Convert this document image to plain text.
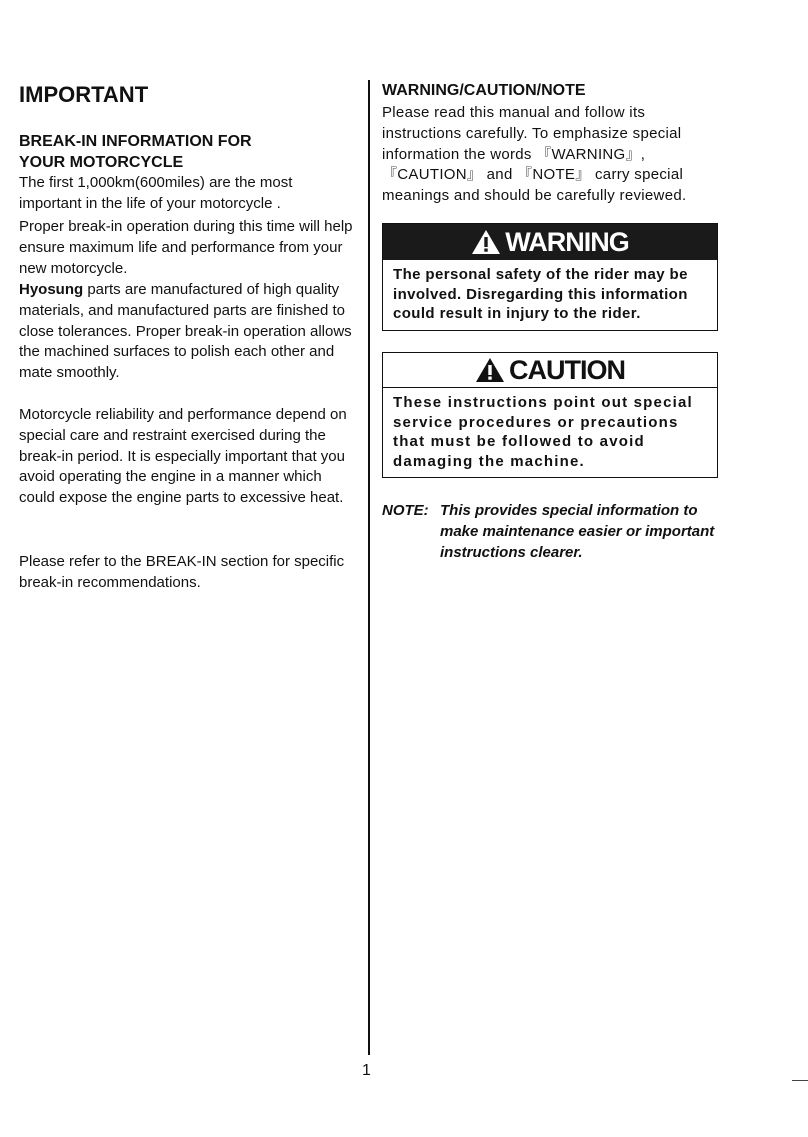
IMPORTANT
BREAK-IN INFORMATION FOR
YOUR MOTORCYCLE

The first 1,000km(600miles) are the most important in the life of your motorcycle .

Proper break-in operation during this time will help ensure maximum life and performance from your new motorcycle.

Hyosung parts are manufactured of high quality materials, and manufactured parts are finished to close tolerances. Proper break-in operation allows the machined surfaces to polish each other and mate smoothly.

Motorcycle reliability and performance depend on special care and restraint exercised during the break-in period. It is especially important that you avoid operating the engine in a manner which could expose the engine parts to excessive heat.

Please refer to the BREAK-IN section for specific break-in recommendations.

WARNING/CAUTION/NOTE

Please read this manual and follow its instructions carefully. To emphasize special information the words 『WARNING』, 『CAUTION』 and 『NOTE』 carry special meanings and should be carefully reviewed.

WARNING
The personal safety of the rider may be involved. Disregarding this information could result in injury to the rider.
CAUTION
These instructions point out special service procedures or precautions that must be followed to avoid damaging the machine.
NOTE: This provides special information to make maintenance easier or important instructions clearer.
1
